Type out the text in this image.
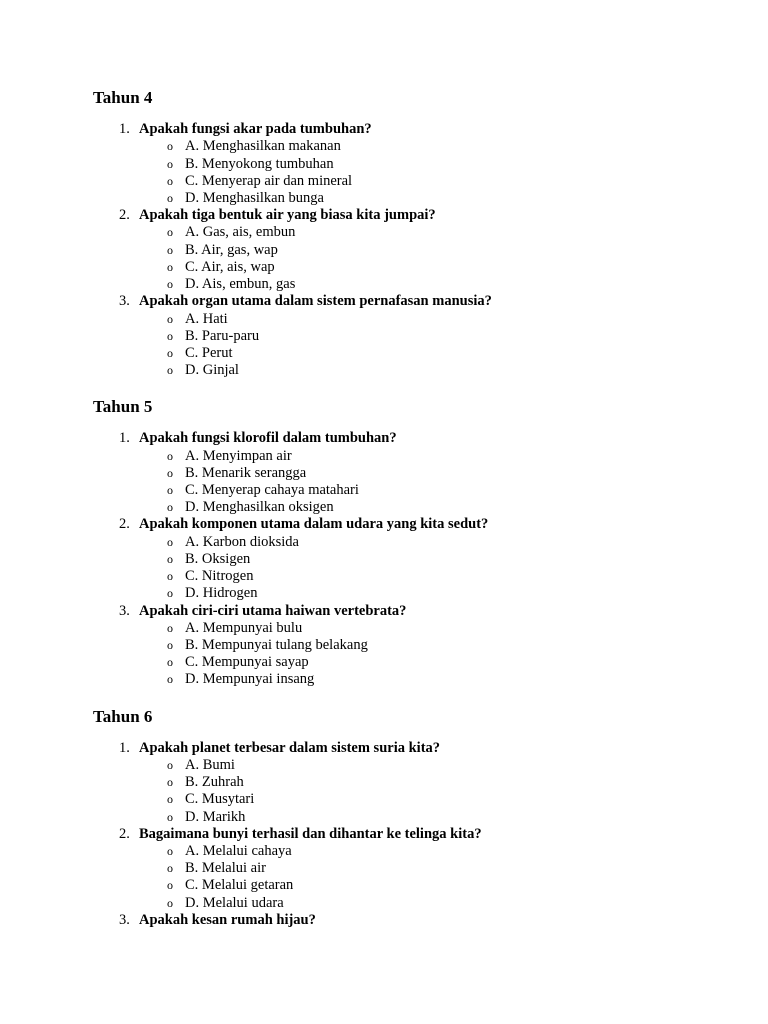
Tahun 4
1. Apakah fungsi akar pada tumbuhan?
o A. Menghasilkan makanan
o B. Menyokong tumbuhan
o C. Menyerap air dan mineral
o D. Menghasilkan bunga
2. Apakah tiga bentuk air yang biasa kita jumpai?
o A. Gas, ais, embun
o B. Air, gas, wap
o C. Air, ais, wap
o D. Ais, embun, gas
3. Apakah organ utama dalam sistem pernafasan manusia?
o A. Hati
o B. Paru-paru
o C. Perut
o D. Ginjal
Tahun 5
1. Apakah fungsi klorofil dalam tumbuhan?
o A. Menyimpan air
o B. Menarik serangga
o C. Menyerap cahaya matahari
o D. Menghasilkan oksigen
2. Apakah komponen utama dalam udara yang kita sedut?
o A. Karbon dioksida
o B. Oksigen
o C. Nitrogen
o D. Hidrogen
3. Apakah ciri-ciri utama haiwan vertebrata?
o A. Mempunyai bulu
o B. Mempunyai tulang belakang
o C. Mempunyai sayap
o D. Mempunyai insang
Tahun 6
1. Apakah planet terbesar dalam sistem suria kita?
o A. Bumi
o B. Zuhrah
o C. Musytari
o D. Marikh
2. Bagaimana bunyi terhasil dan dihantar ke telinga kita?
o A. Melalui cahaya
o B. Melalui air
o C. Melalui getaran
o D. Melalui udara
3. Apakah kesan rumah hijau?
